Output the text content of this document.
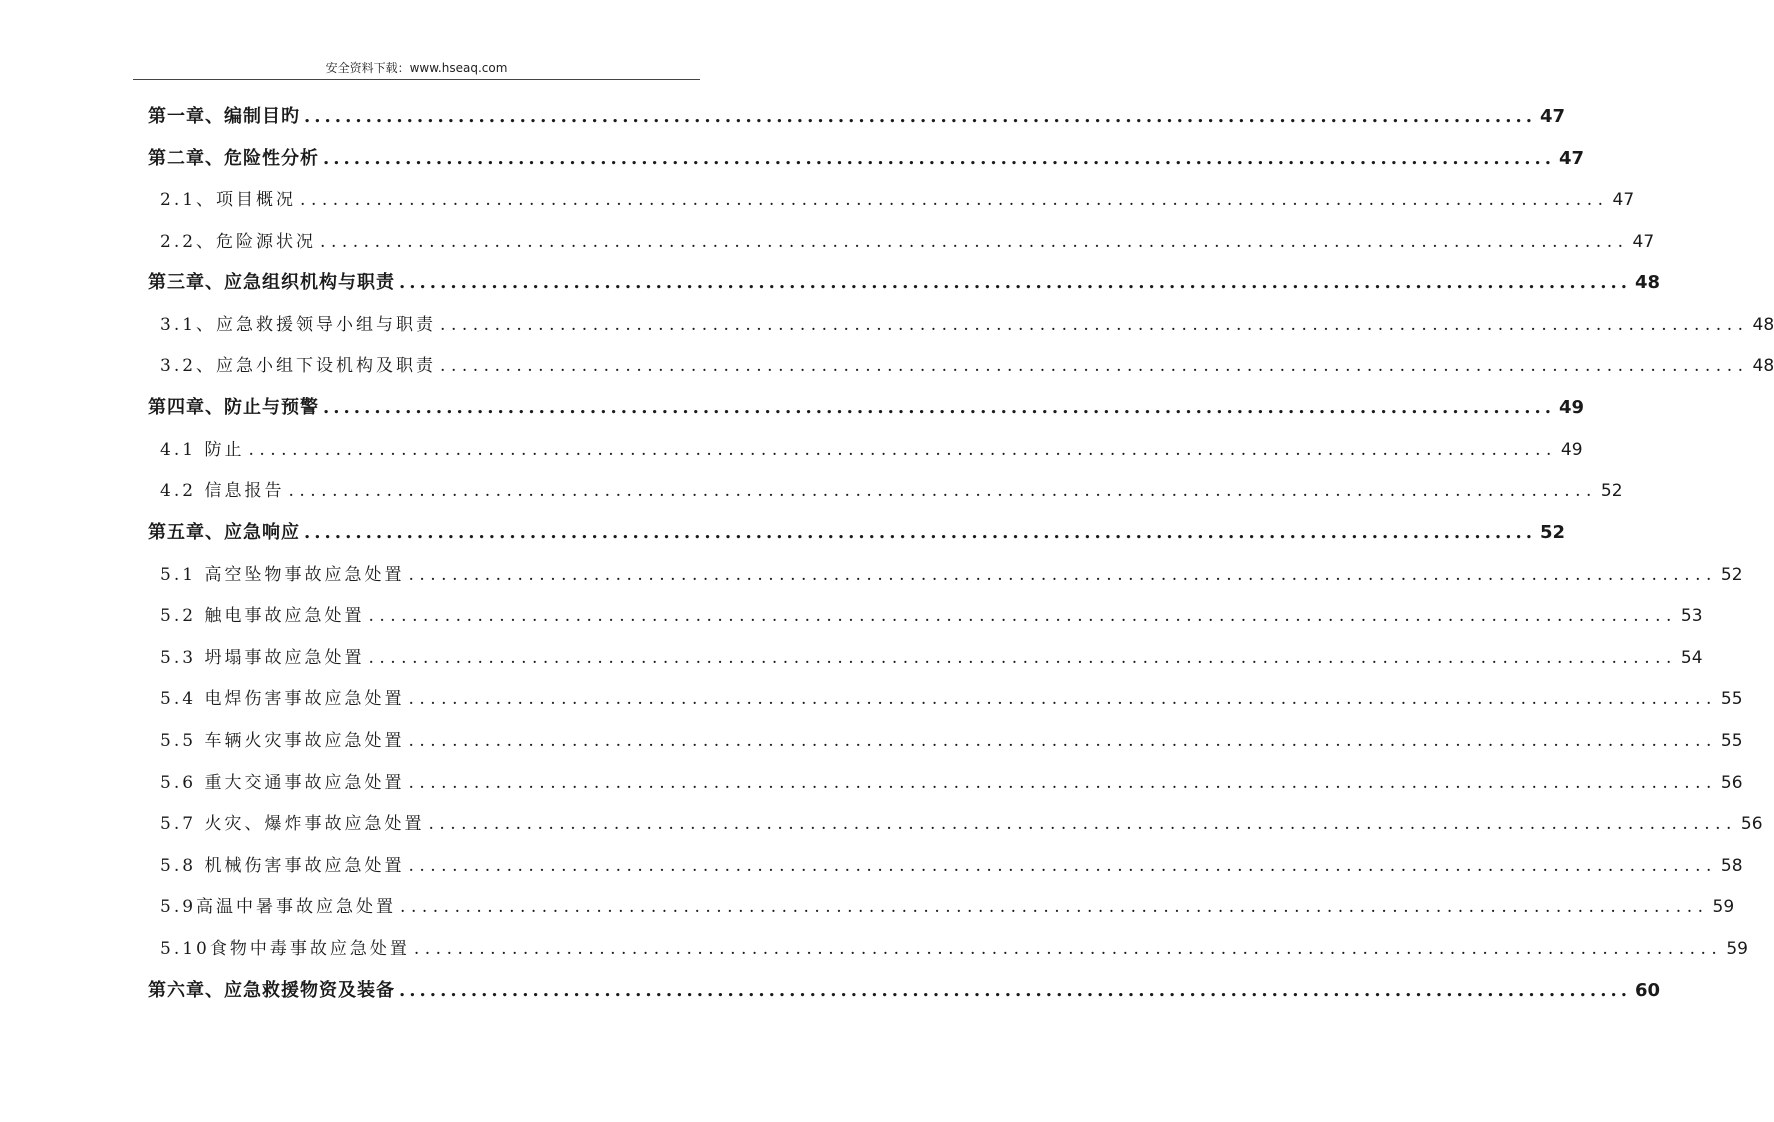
安全资料下载：www.hseaq.com
第一章、编制目旳 ........................................................................................................................ 47
第二章、危险性分析 ........................................................................................................................ 47
2.1、项目概况 ........................................................................................................................ 47
2.2、危险源状况 ........................................................................................................................ 47
第三章、应急组织机构与职责 ........................................................................................................................ 48
3.1、应急救援领导小组与职责 ........................................................................................................................ 48
3.2、应急小组下设机构及职责 ........................................................................................................................ 48
第四章、防止与预警 ........................................................................................................................ 49
4.1 防止 ........................................................................................................................ 49
4.2 信息报告 ........................................................................................................................ 52
第五章、应急响应 ........................................................................................................................ 52
5.1 高空坠物事故应急处置 ........................................................................................................................ 52
5.2 触电事故应急处置 ........................................................................................................................ 53
5.3 坍塌事故应急处置 ........................................................................................................................ 54
5.4 电焊伤害事故应急处置 ........................................................................................................................ 55
5.5 车辆火灾事故应急处置 ........................................................................................................................ 55
5.6 重大交通事故应急处置 ........................................................................................................................ 56
5.7 火灾、爆炸事故应急处置 ........................................................................................................................ 56
5.8 机械伤害事故应急处置 ........................................................................................................................ 58
5.9高温中暑事故应急处置 ........................................................................................................................ 59
5.10食物中毒事故应急处置 ........................................................................................................................ 59
第六章、应急救援物资及装备 ........................................................................................................................ 60
